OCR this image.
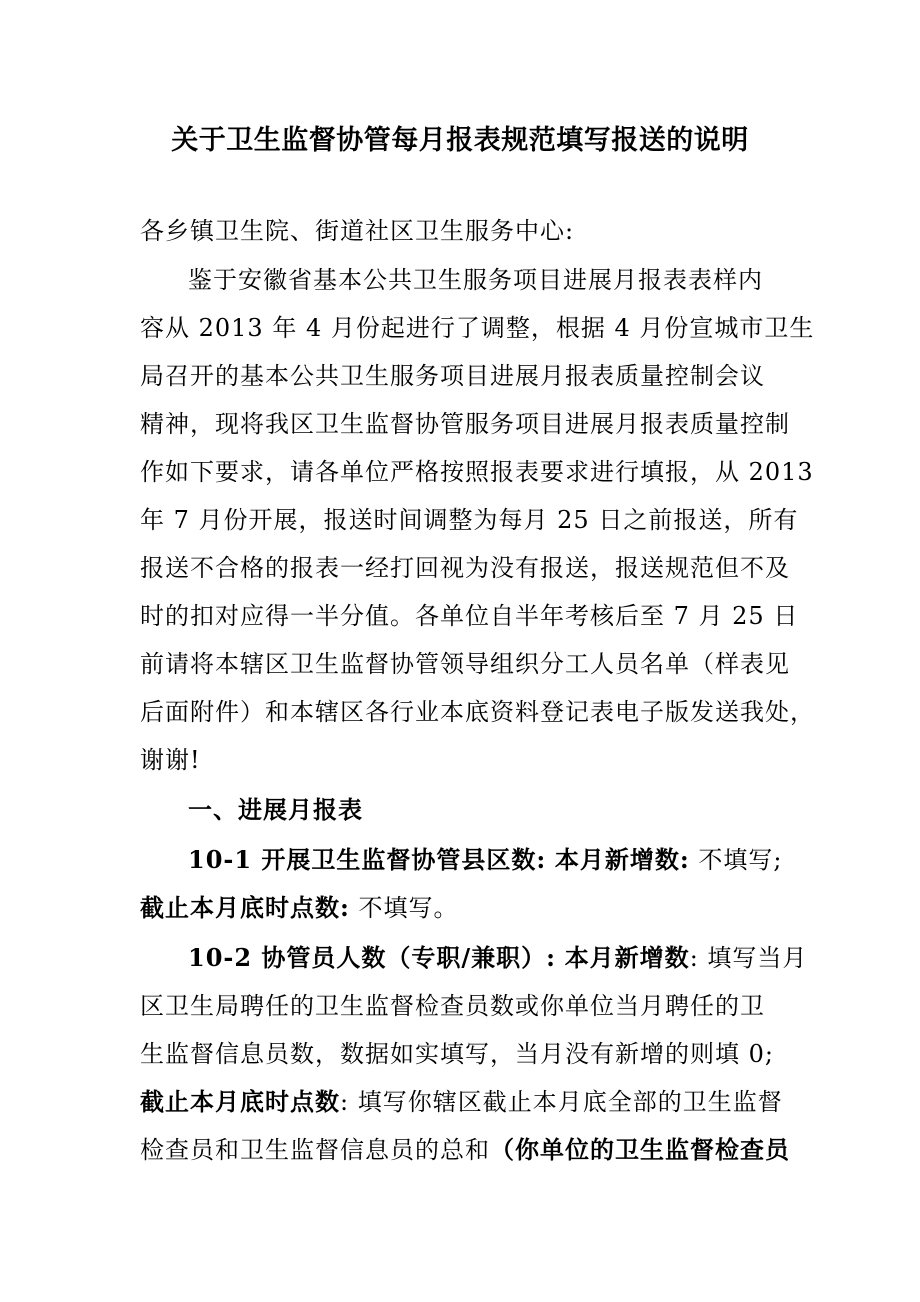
关于卫生监督协管每月报表规范填写报送的说明
各乡镇卫生院、街道社区卫生服务中心:
鉴于安徽省基本公共卫生服务项目进展月报表表样内
容从 2013 年 4 月份起进行了调整，根据 4 月份宣城市卫生
局召开的基本公共卫生服务项目进展月报表质量控制会议
精神，现将我区卫生监督协管服务项目进展月报表质量控制
作如下要求，请各单位严格按照报表要求进行填报，从 2013
年 7 月份开展，报送时间调整为每月 25 日之前报送，所有
报送不合格的报表一经打回视为没有报送，报送规范但不及
时的扣对应得一半分值。各单位自半年考核后至 7 月 25 日
前请将本辖区卫生监督协管领导组织分工人员名单（样表见
后面附件）和本辖区各行业本底资料登记表电子版发送我处，
谢谢!
一、进展月报表
10-1 开展卫生监督协管县区数: 本月新增数: 不填写;
截止本月底时点数: 不填写。
10-2 协管员人数（专职/兼职）: 本月新增数: 填写当月
区卫生局聘任的卫生监督检查员数或你单位当月聘任的卫
生监督信息员数，数据如实填写，当月没有新增的则填 0;
截止本月底时点数: 填写你辖区截止本月底全部的卫生监督
检查员和卫生监督信息员的总和（你单位的卫生监督检查员
